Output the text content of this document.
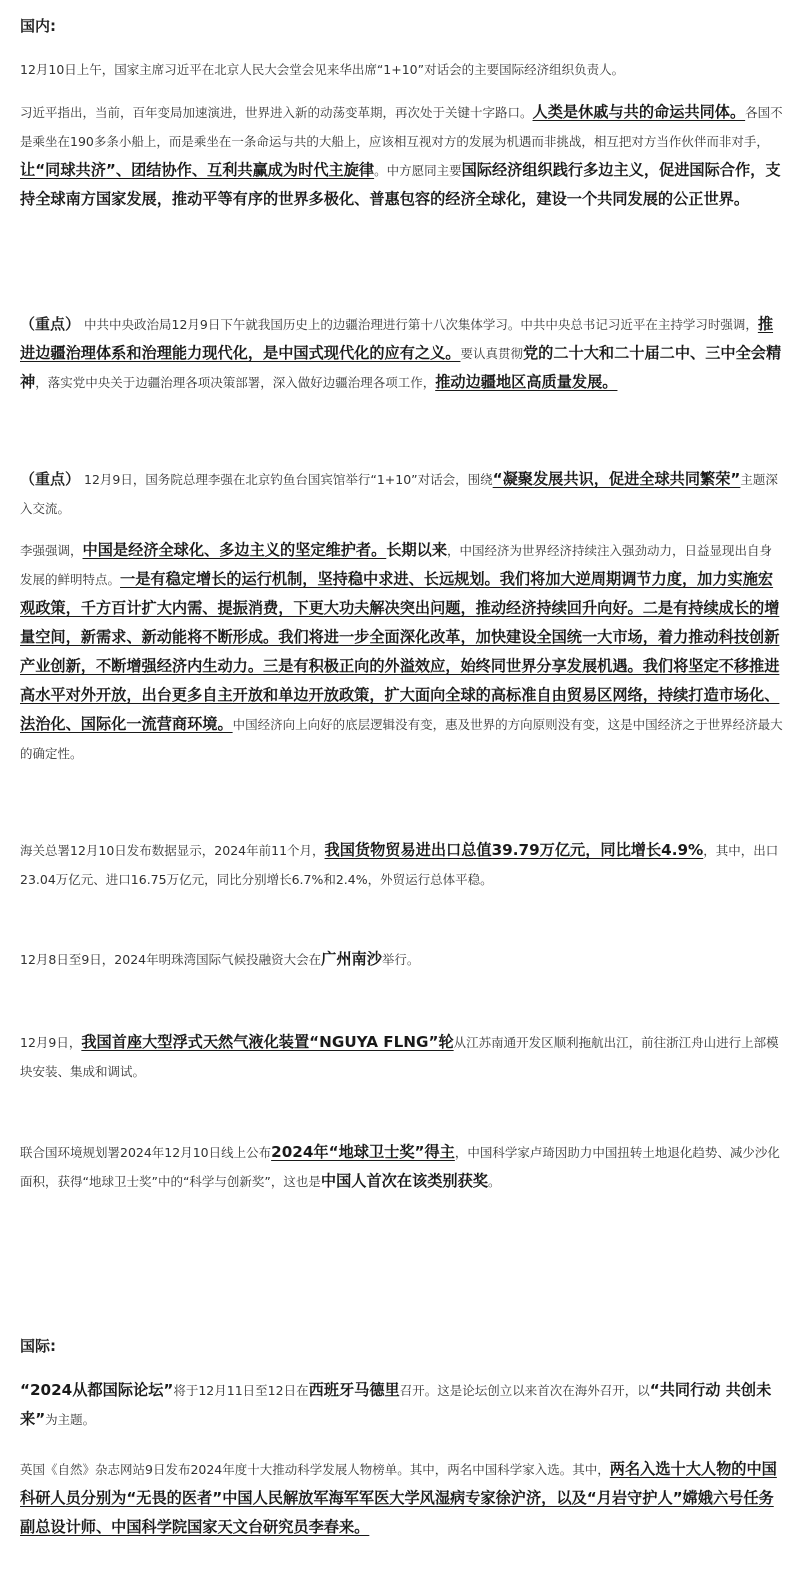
国内:

12月10日上午，国家主席习近平在北京人民大会堂会见来华出席“1+10”对话会的主要国际经济组织负责人。

习近平指出，当前，百年变局加速演进，世界进入新的动荡变革期，再次处于关键十字路口。人类是休戚与共的命运共同体。各国不是乘坐在190多条小船上，而是乘坐在一条命运与共的大船上，应该相互视对方的发展为机遇而非挑战，相互把对方当作伙伴而非对手，让“同球共济”、团结协作、互利共赢成为时代主旋律。中方愿同主要国际经济组织践行多边主义，促进国际合作，支持全球南方国家发展，推动平等有序的世界多极化、普惠包容的经济全球化，建设一个共同发展的公正世界。

（重点） 中共中央政治局12月9日下午就我国历史上的边疆治理进行第十八次集体学习。中共中央总书记习近平在主持学习时强调，推进边疆治理体系和治理能力现代化，是中国式现代化的应有之义。要认真贯彻党的二十大和二十届二中、三中全会精神，落实党中央关于边疆治理各项决策部署，深入做好边疆治理各项工作，推动边疆地区高质量发展。

（重点） 12月9日，国务院总理李强在北京钓鱼台国宾馆举行“1+10”对话会，围绕“凝聚发展共识，促进全球共同繁荣”主题深入交流。

李强强调，中国是经济全球化、多边主义的坚定维护者。长期以来，中国经济为世界经济持续注入强劲动力，日益显现出自身发展的鲜明特点。一是有稳定增长的运行机制，坚持稳中求进、长远规划。我们将加大逆周期调节力度，加力实施宏观政策，千方百计扩大内需、提振消费，下更大功夫解决突出问题，推动经济持续回升向好。二是有持续成长的增量空间，新需求、新动能将不断形成。我们将进一步全面深化改革，加快建设全国统一大市场，着力推动科技创新产业创新，不断增强经济内生动力。三是有积极正向的外溢效应，始终同世界分享发展机遇。我们将坚定不移推进高水平对外开放，出台更多自主开放和单边开放政策，扩大面向全球的高标准自由贸易区网络，持续打造市场化、法治化、国际化一流营商环境。中国经济向上向好的底层逻辑没有变，惠及世界的方向原则没有变，这是中国经济之于世界经济最大的确定性。

海关总署12月10日发布数据显示，2024年前11个月，我国货物贸易进出口总值39.79万亿元，同比增长4.9%，其中，出口23.04万亿元、进口16.75万亿元，同比分别增长6.7%和2.4%，外贸运行总体平稳。

12月8日至9日，2024年明珠湾国际气候投融资大会在广州南沙举行。

12月9日，我国首座大型浮式天然气液化装置“NGUYA FLNG”轮从江苏南通开发区顺利拖航出江，前往浙江舟山进行上部模块安装、集成和调试。

联合国环境规划署2024年12月10日线上公布2024年“地球卫士奖”得主，中国科学家卢琦因助力中国扭转土地退化趋势、减少沙化面积，获得“地球卫士奖”中的“科学与创新奖”，这也是中国人首次在该类别获奖。

国际:

“2024从都国际论坛”将于12月11日至12日在西班牙马德里召开。这是论坛创立以来首次在海外召开，以“共同行动 共创未来”为主题。

英国《自然》杂志网站9日发布2024年度十大推动科学发展人物榜单。其中，两名中国科学家入选。其中，两名入选十大人物的中国科研人员分别为“无畏的医者”中国人民解放军海军军医大学风湿病专家徐沪济，以及“月岩守护人”嫦娥六号任务副总设计师、中国科学院国家天文台研究员李春来。
